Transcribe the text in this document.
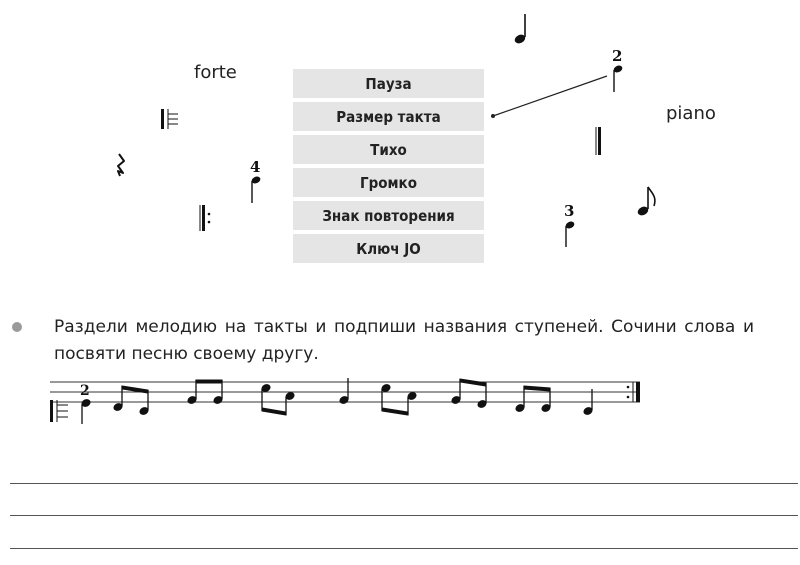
forte
piano
Пауза
Размер такта
Тихо
Громко
Знак повторения
Ключ ЈО
2
4
3
Раздели мелодию на такты и подпиши названия ступеней. Сочини слова и посвяти песню своему другу.
2
